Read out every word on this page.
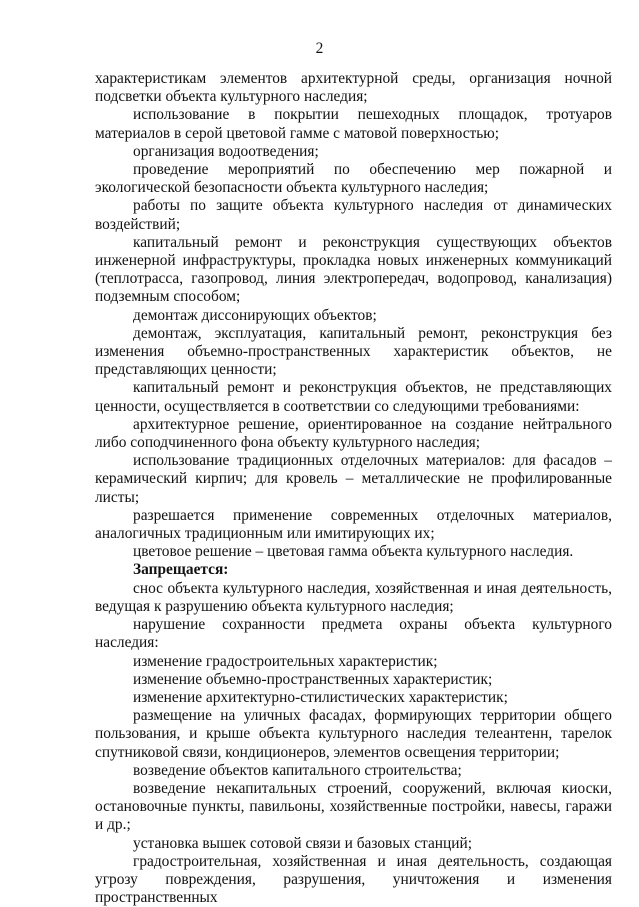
2

характеристикам элементов архитектурной среды, организация ночной подсветки объекта культурного наследия;

использование в покрытии пешеходных площадок, тротуаров материалов в серой цветовой гамме с матовой поверхностью;

организация водоотведения;

проведение мероприятий по обеспечению мер пожарной и экологической безопасности объекта культурного наследия;

работы по защите объекта культурного наследия от динамических воздействий;

капитальный ремонт и реконструкция существующих объектов инженерной инфраструктуры, прокладка новых инженерных коммуникаций (теплотрасса, газопровод, линия электропередач, водопровод, канализация) подземным способом;

демонтаж диссонирующих объектов;

демонтаж, эксплуатация, капитальный ремонт, реконструкция без изменения объемно-пространственных характеристик объектов, не представляющих ценности;

капитальный ремонт и реконструкция объектов, не представляющих ценности, осуществляется в соответствии со следующими требованиями:

архитектурное решение, ориентированное на создание нейтрального либо соподчиненного фона объекту культурного наследия;

использование традиционных отделочных материалов: для фасадов – керамический кирпич; для кровель – металлические не профилированные листы;

разрешается применение современных отделочных материалов, аналогичных традиционным или имитирующих их;

цветовое решение – цветовая гамма объекта культурного наследия.

Запрещается:

снос объекта культурного наследия, хозяйственная и иная деятельность, ведущая к разрушению объекта культурного наследия;

нарушение сохранности предмета охраны объекта культурного наследия:

изменение градостроительных характеристик;

изменение объемно-пространственных характеристик;

изменение архитектурно-стилистических характеристик;

размещение на уличных фасадах, формирующих территории общего пользования, и крыше объекта культурного наследия телеантенн, тарелок спутниковой связи, кондиционеров, элементов освещения территории;

возведение объектов капитального строительства;

возведение некапитальных строений, сооружений, включая киоски, остановочные пункты, павильоны, хозяйственные постройки, навесы, гаражи и др.;

установка вышек сотовой связи и базовых станций;

градостроительная, хозяйственная и иная деятельность, создающая угрозу повреждения, разрушения, уничтожения и изменения пространственных
